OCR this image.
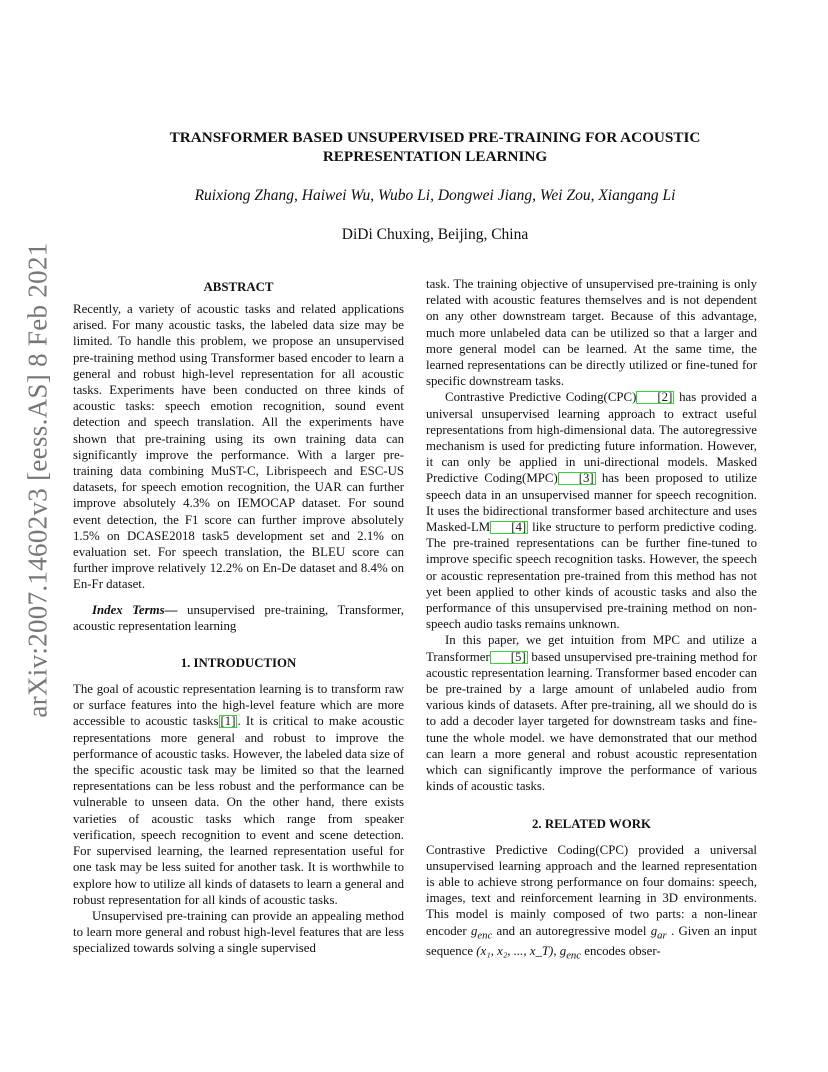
arXiv:2007.14602v3 [eess.AS] 8 Feb 2021
TRANSFORMER BASED UNSUPERVISED PRE-TRAINING FOR ACOUSTIC
REPRESENTATION LEARNING
Ruixiong Zhang, Haiwei Wu, Wubo Li, Dongwei Jiang, Wei Zou, Xiangang Li
DiDi Chuxing, Beijing, China
ABSTRACT

Recently, a variety of acoustic tasks and related applications arised. For many acoustic tasks, the labeled data size may be limited. To handle this problem, we propose an unsupervised pre-training method using Transformer based encoder to learn a general and robust high-level representation for all acoustic tasks. Experiments have been conducted on three kinds of acoustic tasks: speech emotion recognition, sound event detection and speech translation. All the experiments have shown that pre-training using its own training data can significantly improve the performance. With a larger pre-training data combining MuST-C, Librispeech and ESC-US datasets, for speech emotion recognition, the UAR can further improve absolutely 4.3% on IEMOCAP dataset. For sound event detection, the F1 score can further improve absolutely 1.5% on DCASE2018 task5 development set and 2.1% on evaluation set. For speech translation, the BLEU score can further improve relatively 12.2% on En-De dataset and 8.4% on En-Fr dataset.

Index Terms— unsupervised pre-training, Transformer, acoustic representation learning

1. INTRODUCTION

The goal of acoustic representation learning is to transform raw or surface features into the high-level feature which are more accessible to acoustic tasks [1] . It is critical to make acoustic representations more general and robust to improve the performance of acoustic tasks. However, the labeled data size of the specific acoustic task may be limited so that the learned representations can be less robust and the performance can be vulnerable to unseen data. On the other hand, there exists varieties of acoustic tasks which range from speaker verification, speech recognition to event and scene detection. For supervised learning, the learned representation useful for one task may be less suited for another task. It is worthwhile to explore how to utilize all kinds of datasets to learn a general and robust representation for all kinds of acoustic tasks.

Unsupervised pre-training can provide an appealing method to learn more general and robust high-level features that are less specialized towards solving a single supervised

task. The training objective of unsupervised pre-training is only related with acoustic features themselves and is not dependent on any other downstream target. Because of this advantage, much more unlabeled data can be utilized so that a larger and more general model can be learned. At the same time, the learned representations can be directly utilized or fine-tuned for specific downstream tasks.

Contrastive Predictive Coding(CPC) [2] has provided a universal unsupervised learning approach to extract useful representations from high-dimensional data. The autoregressive mechanism is used for predicting future information. However, it can only be applied in uni-directional models. Masked Predictive Coding(MPC) [3] has been proposed to utilize speech data in an unsupervised manner for speech recognition. It uses the bidirectional transformer based architecture and uses Masked-LM [4] like structure to perform predictive coding. The pre-trained representations can be further fine-tuned to improve specific speech recognition tasks. However, the speech or acoustic representation pre-trained from this method has not yet been applied to other kinds of acoustic tasks and also the performance of this unsupervised pre-training method on non-speech audio tasks remains unknown.

In this paper, we get intuition from MPC and utilize a Transformer [5] based unsupervised pre-training method for acoustic representation learning. Transformer based encoder can be pre-trained by a large amount of unlabeled audio from various kinds of datasets. After pre-training, all we should do is to add a decoder layer targeted for downstream tasks and fine-tune the whole model. we have demonstrated that our method can learn a more general and robust acoustic representation which can significantly improve the performance of various kinds of acoustic tasks.

2. RELATED WORK

Contrastive Predictive Coding(CPC) provided a universal unsupervised learning approach and the learned representation is able to achieve strong performance on four domains: speech, images, text and reinforcement learning in 3D environments. This model is mainly composed of two parts: a non-linear encoder $g_{enc}$ and an autoregressive model $g_{ar}$ . Given an input sequence (x₁, x₂, ..., x_T), $g_{enc}$ encodes obser-
